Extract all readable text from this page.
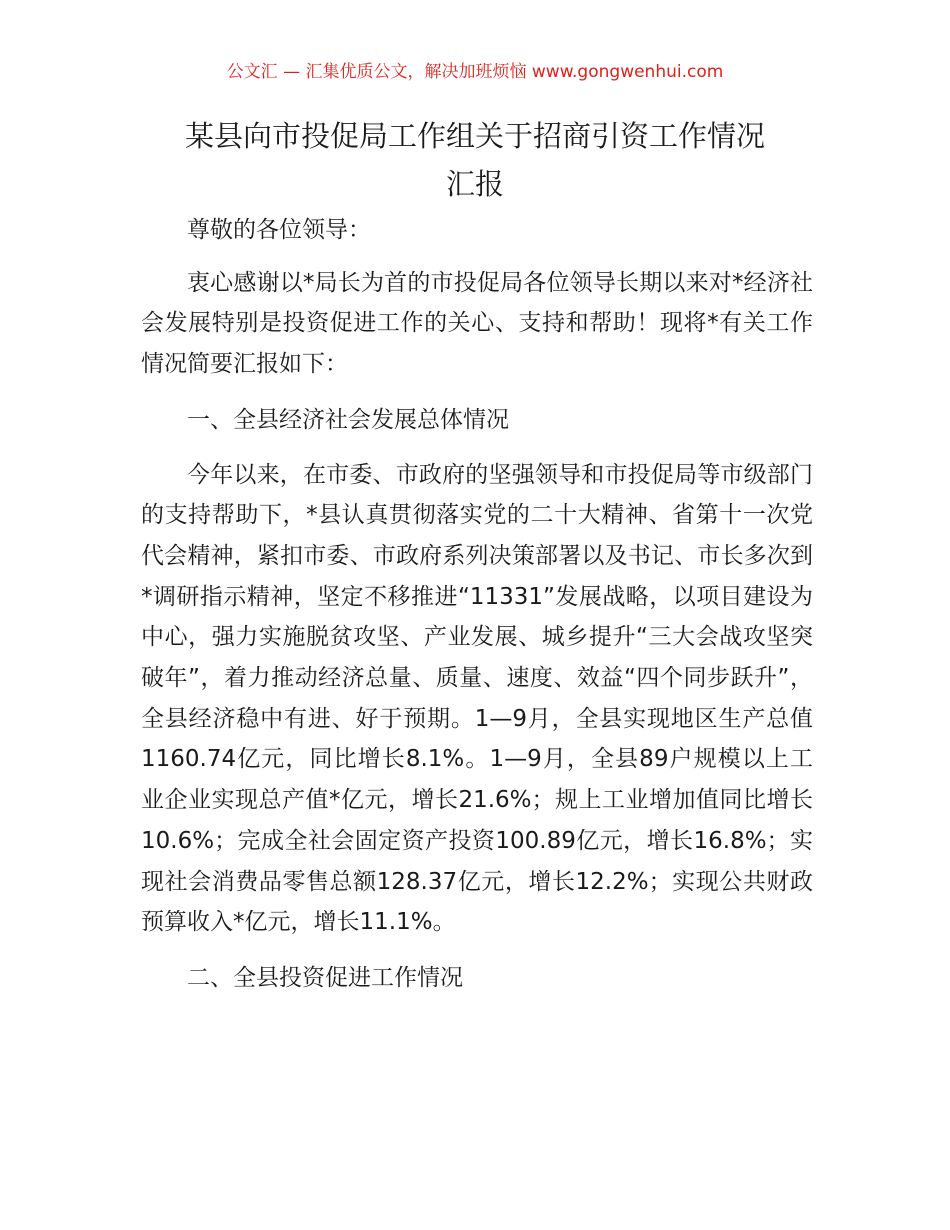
公文汇 — 汇集优质公文，解决加班烦恼 www.gongwenhui.com
某县向市投促局工作组关于招商引资工作情况
汇报

尊敬的各位领导：

衷心感谢以*局长为首的市投促局各位领导长期以来对*经济社会发展特别是投资促进工作的关心、支持和帮助！现将*有关工作情况简要汇报如下：

一、全县经济社会发展总体情况

今年以来，在市委、市政府的坚强领导和市投促局等市级部门的支持帮助下，*县认真贯彻落实党的二十大精神、省第十一次党代会精神，紧扣市委、市政府系列决策部署以及书记、市长多次到*调研指示精神，坚定不移推进“11331”发展战略，以项目建设为中心，强力实施脱贫攻坚、产业发展、城乡提升“三大会战攻坚突破年”，着力推动经济总量、质量、速度、效益“四个同步跃升”，全县经济稳中有进、好于预期。1—9月，全县实现地区生产总值1160.74亿元，同比增长8.1%。1—9月，全县89户规模以上工业企业实现总产值*亿元，增长21.6%；规上工业增加值同比增长10.6%；完成全社会固定资产投资100.89亿元，增长16.8%；实现社会消费品零售总额128.37亿元，增长12.2%；实现公共财政预算收入*亿元，增长11.1%。

二、全县投资促进工作情况
